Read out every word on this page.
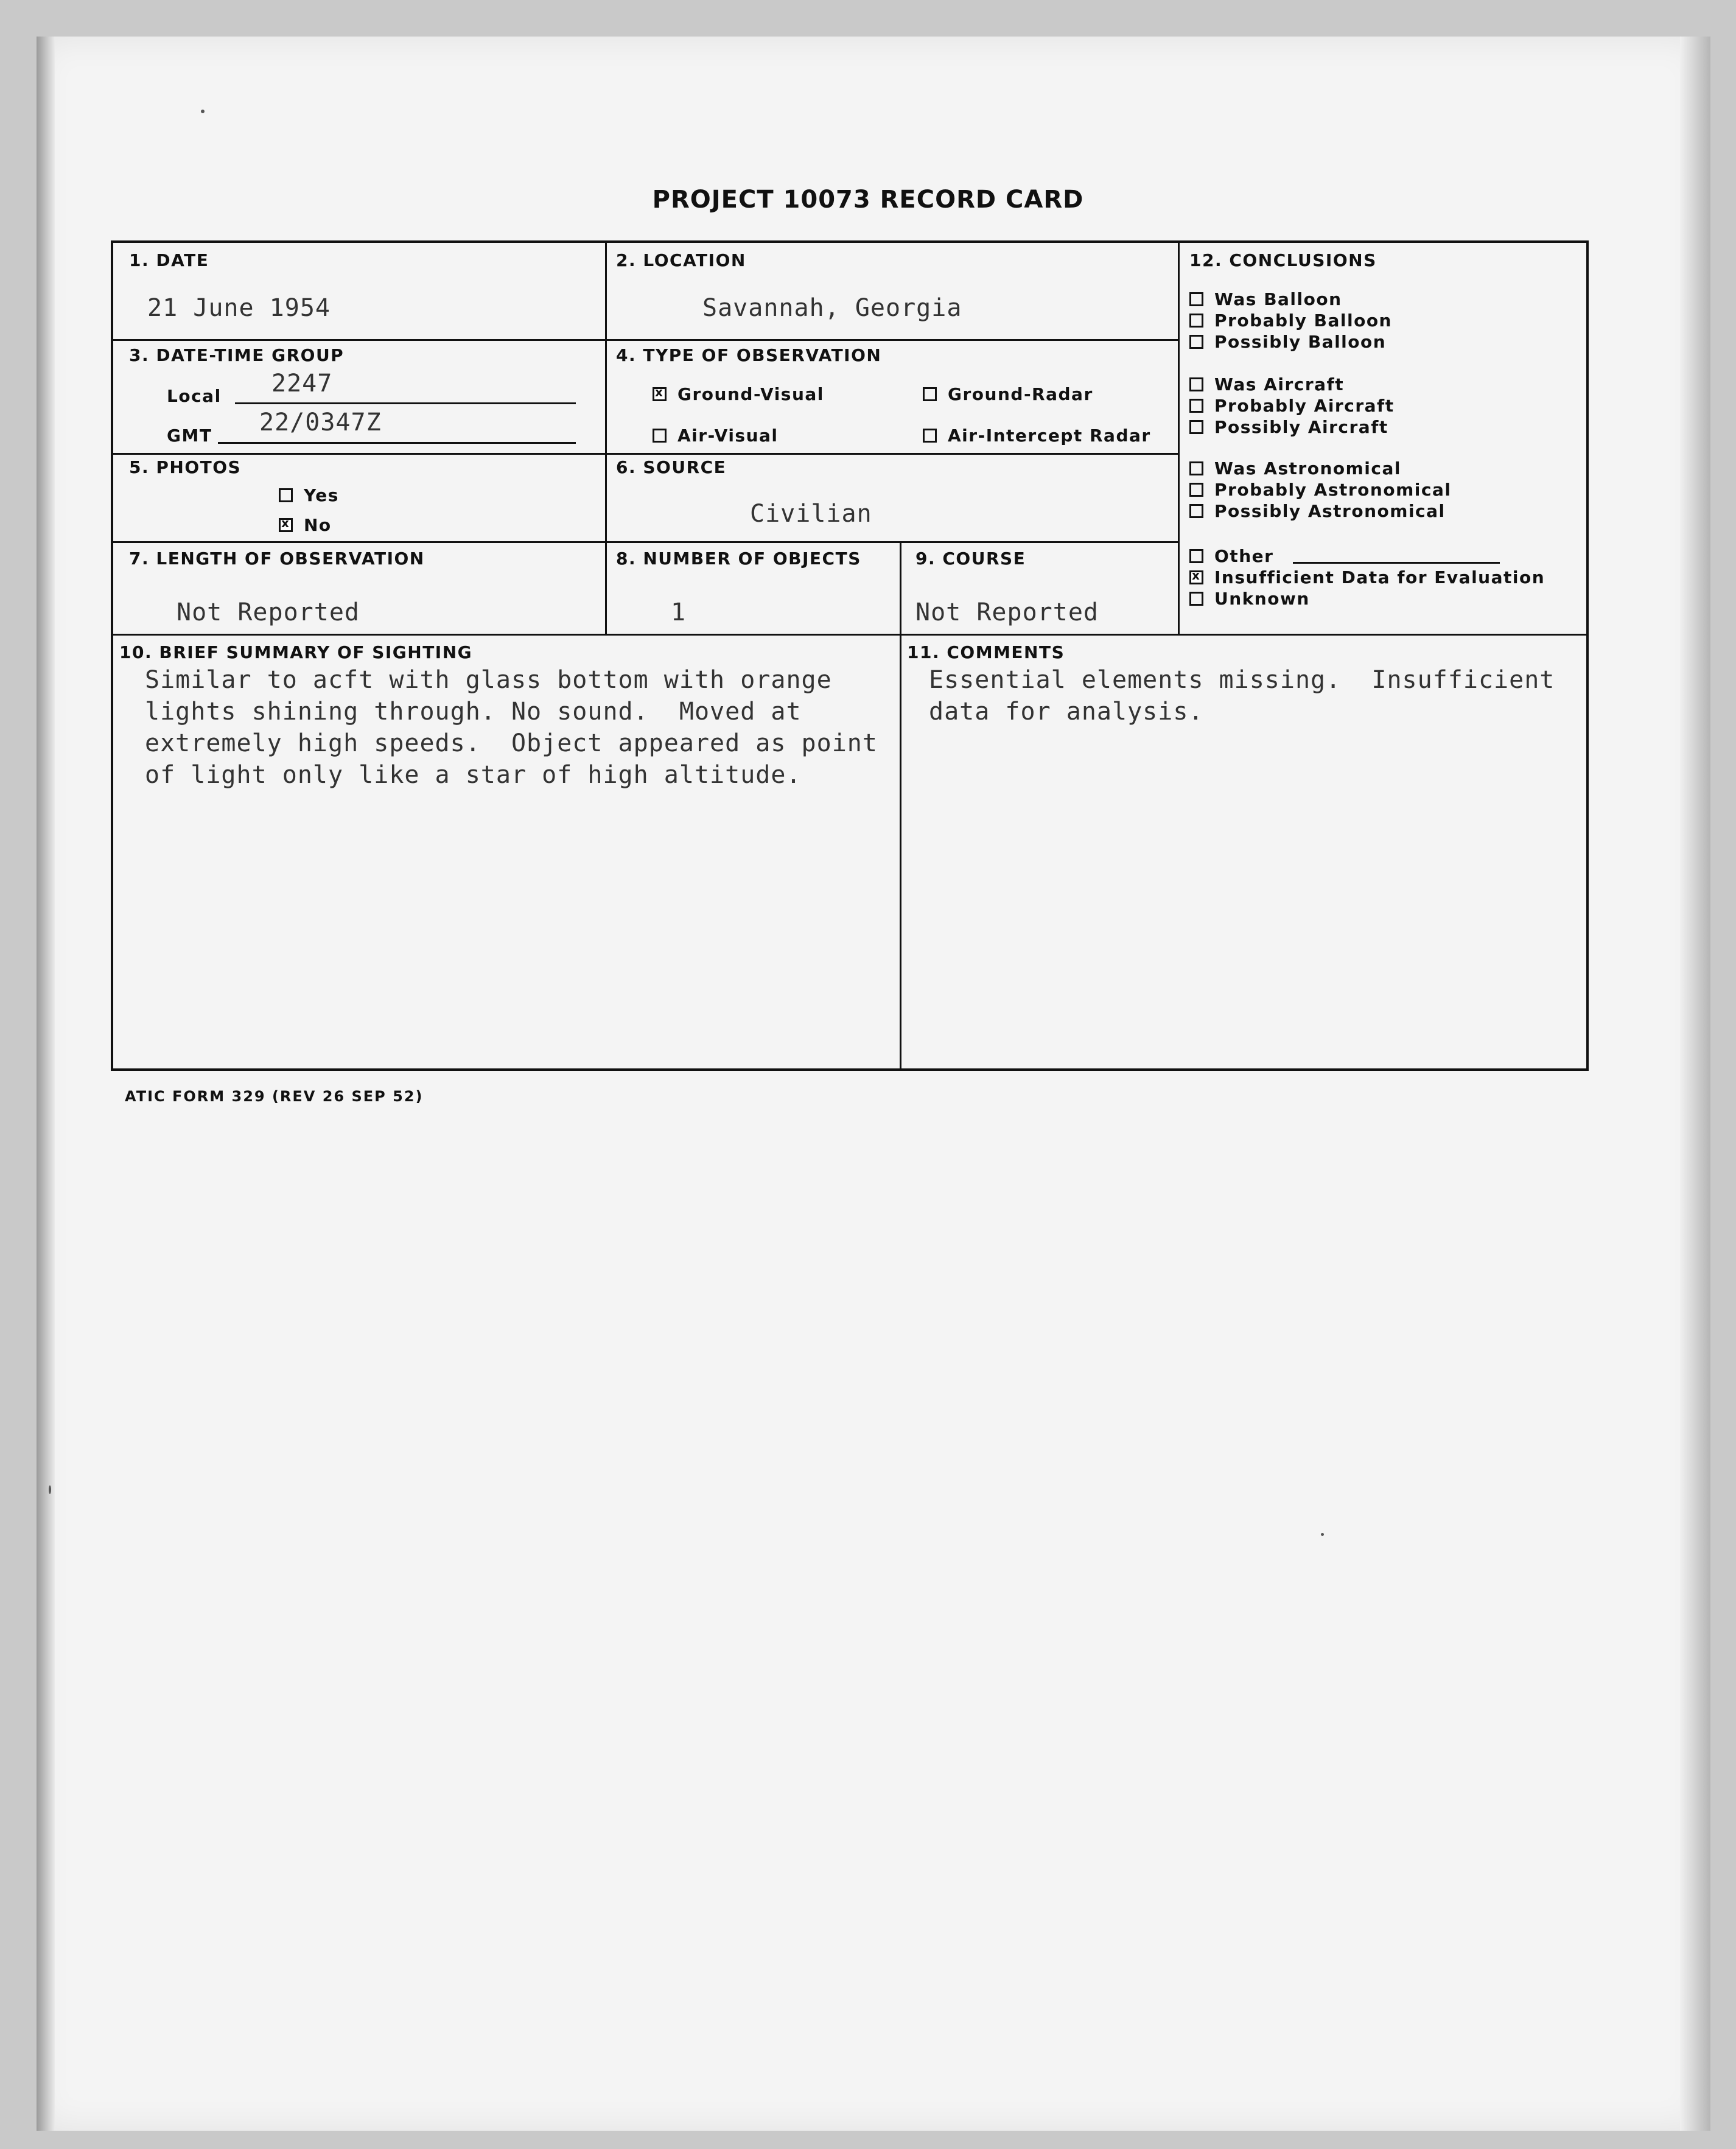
PROJECT 10073 RECORD CARD
1. DATE
21 June 1954
2. LOCATION
Savannah, Georgia
3. DATE-TIME GROUP
Local 2247
GMT 22/0347Z
4. TYPE OF OBSERVATION
xGround-Visual	Ground-Radar
Air-Visual	Air-Intercept Radar
5. PHOTOS
Yes
xNo
6. SOURCE
Civilian
7. LENGTH OF OBSERVATION
Not Reported
8. NUMBER OF OBJECTS
1
9. COURSE
Not Reported
10. BRIEF SUMMARY OF SIGHTING
Similar to acft with glass bottom with orange
lights shining through. No sound.  Moved at
extremely high speeds.  Object appeared as point
of light only like a star of high altitude.
11. COMMENTS
Essential elements missing.  Insufficient
data for analysis.
12. CONCLUSIONS
Was Balloon
Probably Balloon
Possibly Balloon
Was Aircraft
Probably Aircraft
Possibly Aircraft
Was Astronomical
Probably Astronomical
Possibly Astronomical
Other
xInsufficient Data for Evaluation
Unknown
ATIC FORM 329 (REV 26 SEP 52)
